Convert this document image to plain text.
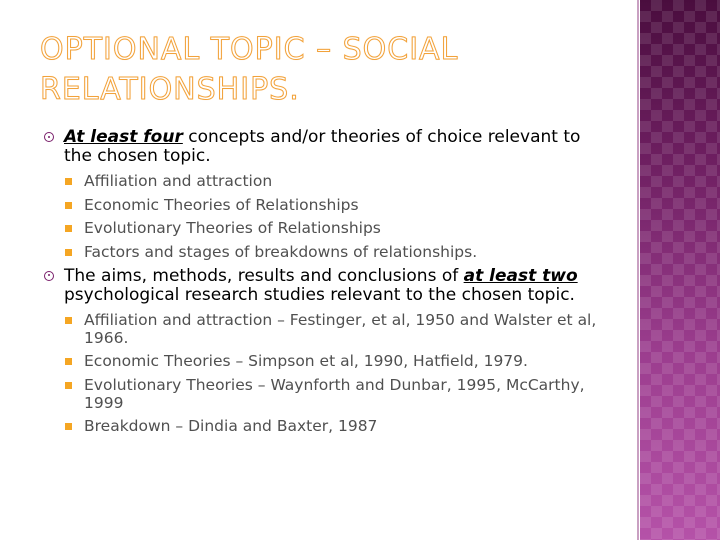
OPTIONAL TOPIC – SOCIAL RELATIONSHIPS.
At least four concepts and/or theories of choice relevant to the chosen topic.
Affiliation and attraction
Economic Theories of Relationships
Evolutionary Theories of Relationships
Factors and stages of breakdowns of relationships.
The aims, methods, results and conclusions of at least two psychological research studies relevant to the chosen topic.
Affiliation and attraction – Festinger, et al, 1950 and Walster et al, 1966.
Economic Theories – Simpson et al, 1990, Hatfield, 1979.
Evolutionary Theories – Waynforth and Dunbar, 1995, McCarthy, 1999
Breakdown – Dindia and Baxter, 1987
